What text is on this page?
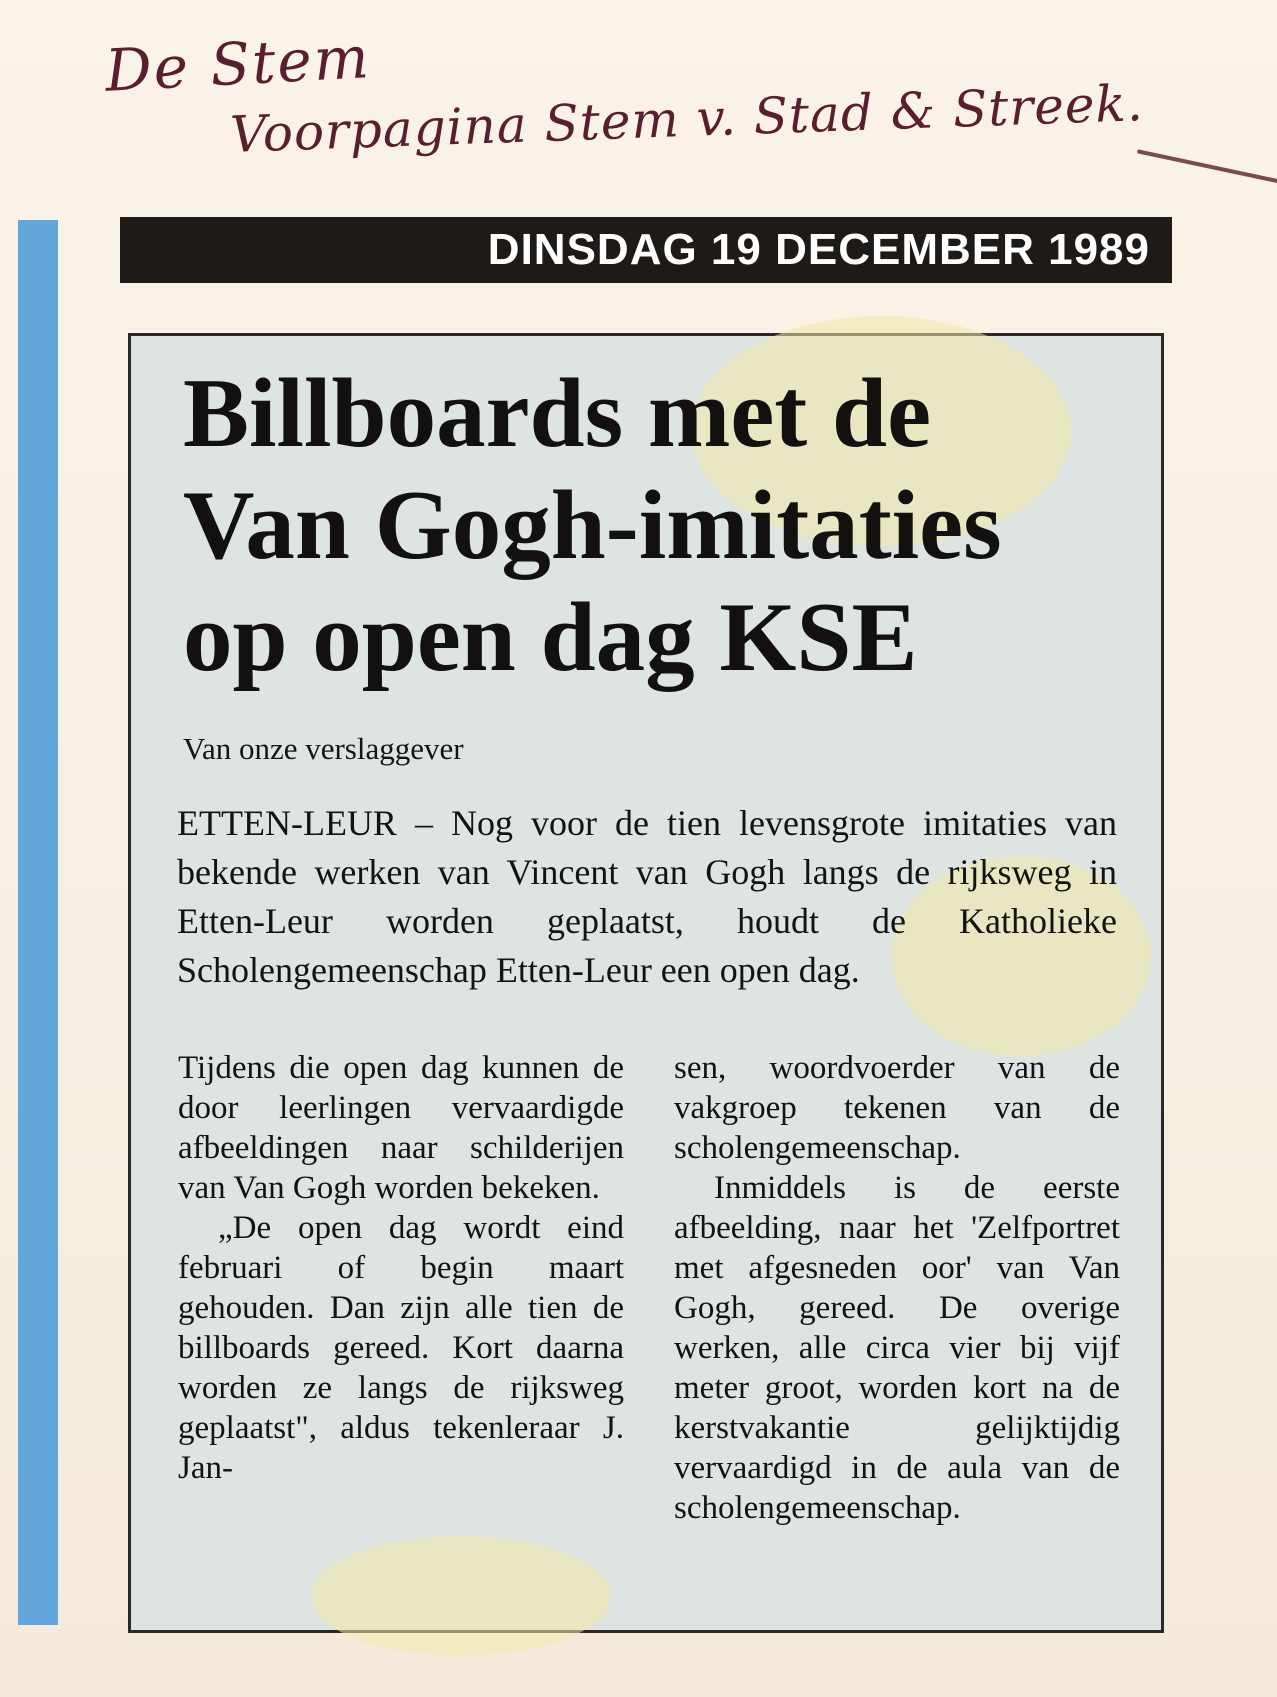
De Stem
Voorpagina Stem v. Stad & Streek.
DINSDAG 19 DECEMBER 1989
Billboards met de
Van Gogh-imitaties
op open dag KSE
Van onze verslaggever
ETTEN-LEUR – Nog voor de tien levensgrote imitaties van bekende werken van Vincent van Gogh langs de rijksweg in Etten-Leur worden geplaatst, houdt de Katholieke Scholengemeenschap Etten-Leur een open dag.

Tijdens die open dag kunnen de door leerlingen vervaardigde afbeeldingen naar schilderijen van Van Gogh worden bekeken.

„De open dag wordt eind februari of begin maart gehouden. Dan zijn alle tien de billboards gereed. Kort daarna worden ze langs de rijksweg geplaatst", aldus tekenleraar J. Jan-

sen, woordvoerder van de vakgroep tekenen van de scholengemeenschap.

Inmiddels is de eerste afbeelding, naar het 'Zelfportret met afgesneden oor' van Van Gogh, gereed. De overige werken, alle circa vier bij vijf meter groot, worden kort na de kerstvakantie gelijktijdig vervaardigd in de aula van de scholengemeenschap.
